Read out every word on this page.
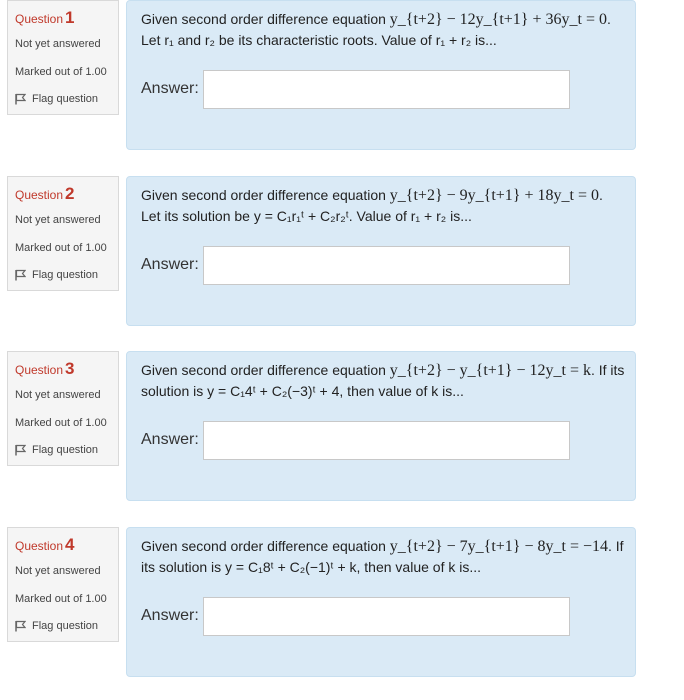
Question 1
Not yet answered
Marked out of 1.00
Flag question
Given second order difference equation y_{t+2} − 12y_{t+1} + 36y_t = 0. Let r₁ and r₂ be its characteristic roots. Value of r₁ + r₂ is...
Answer:
Question 2
Not yet answered
Marked out of 1.00
Flag question
Given second order difference equation y_{t+2} − 9y_{t+1} + 18y_t = 0. Let its solution be y = C₁r₁ᵗ + C₂r₂ᵗ. Value of r₁ + r₂ is...
Answer:
Question 3
Not yet answered
Marked out of 1.00
Flag question
Given second order difference equation y_{t+2} − y_{t+1} − 12y_t = k. If its solution is y = C₁4ᵗ + C₂(−3)ᵗ + 4, then value of k is...
Answer:
Question 4
Not yet answered
Marked out of 1.00
Flag question
Given second order difference equation y_{t+2} − 7y_{t+1} − 8y_t = −14. If its solution is y = C₁8ᵗ + C₂(−1)ᵗ + k, then value of k is...
Answer:
